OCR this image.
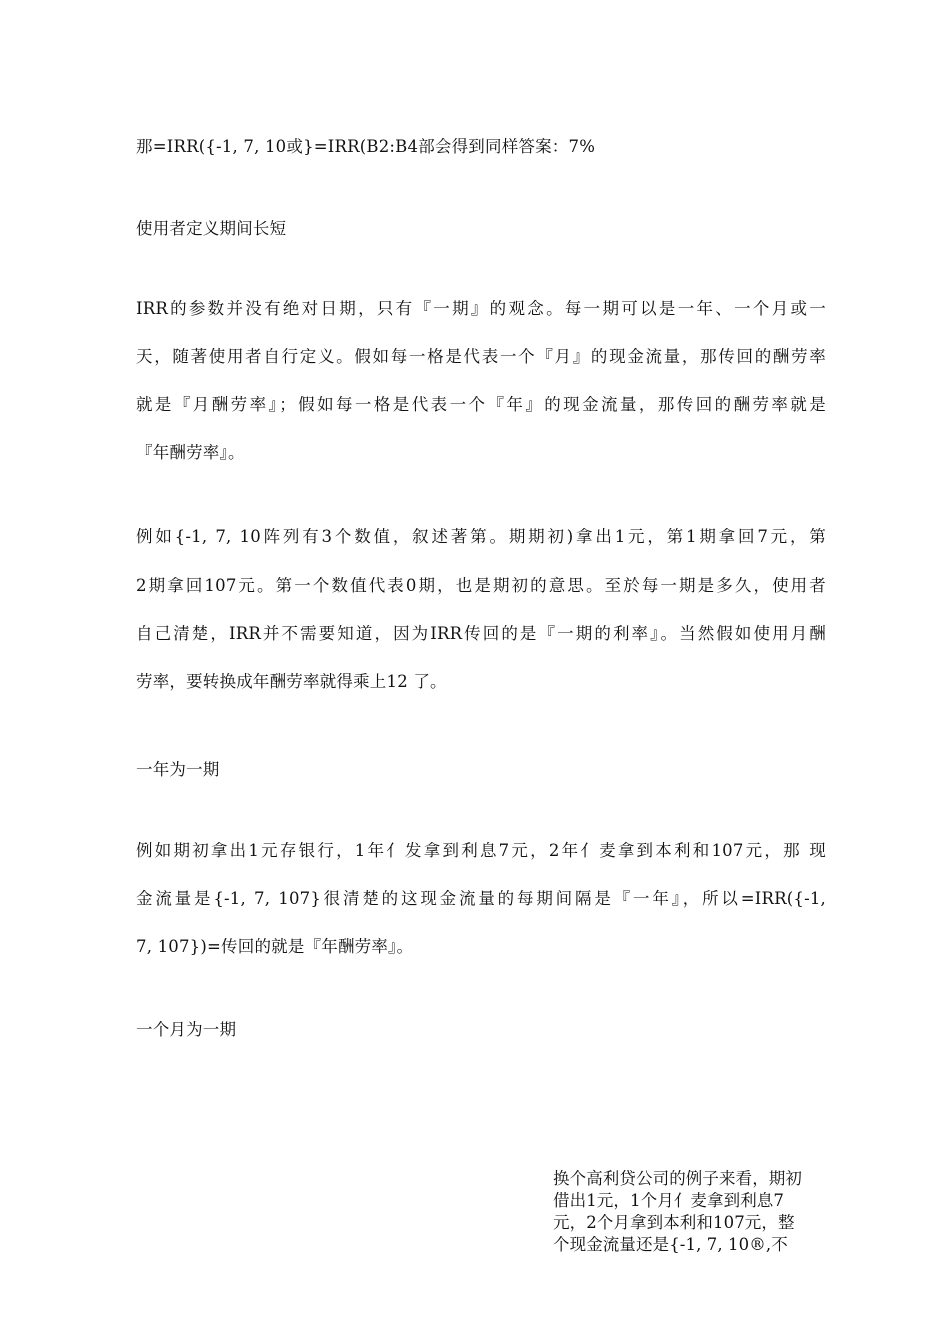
那=IRR({-1, 7, 10或}=IRR(B2:B4部会得到同样答案：7%
使用者定义期间长短
IRR的参数并没有绝对日期，只有『一期』的观念。每一期可以是一年、一个月或一
天，随著使用者自行定义。假如每一格是代表一个『月』的现金流量，那传回的酬劳率
就是『月酬劳率』；假如每一格是代表一个『年』的现金流量，那传回的酬劳率就是
『年酬劳率』。
例如{-1, 7, 10阵列有3个数值，叙述著第。期期初)拿出1元，第1期拿回7元，第
2期拿回107元。第一个数值代表0期，也是期初的意思。至於每一期是多久，使用者
自己清楚，IRR并不需要知道，因为IRR传回的是『一期的利率』。当然假如使用月酬
劳率，要转换成年酬劳率就得乘上12 了。
一年为一期
例如期初拿出1元存银行，1年亻发拿到利息7元，2年亻麦拿到本利和107元，那 现
金流量是{-1, 7, 107}很清楚的这现金流量的每期间隔是『一年』，所以=IRR({-1,
7, 107})=传回的就是『年酬劳率』。
一个月为一期
换个高利贷公司的例子来看，期初
借出1元，1个月亻麦拿到利息7
元，2个月拿到本利和107元，整
个现金流量还是{-1, 7, 10®,不
